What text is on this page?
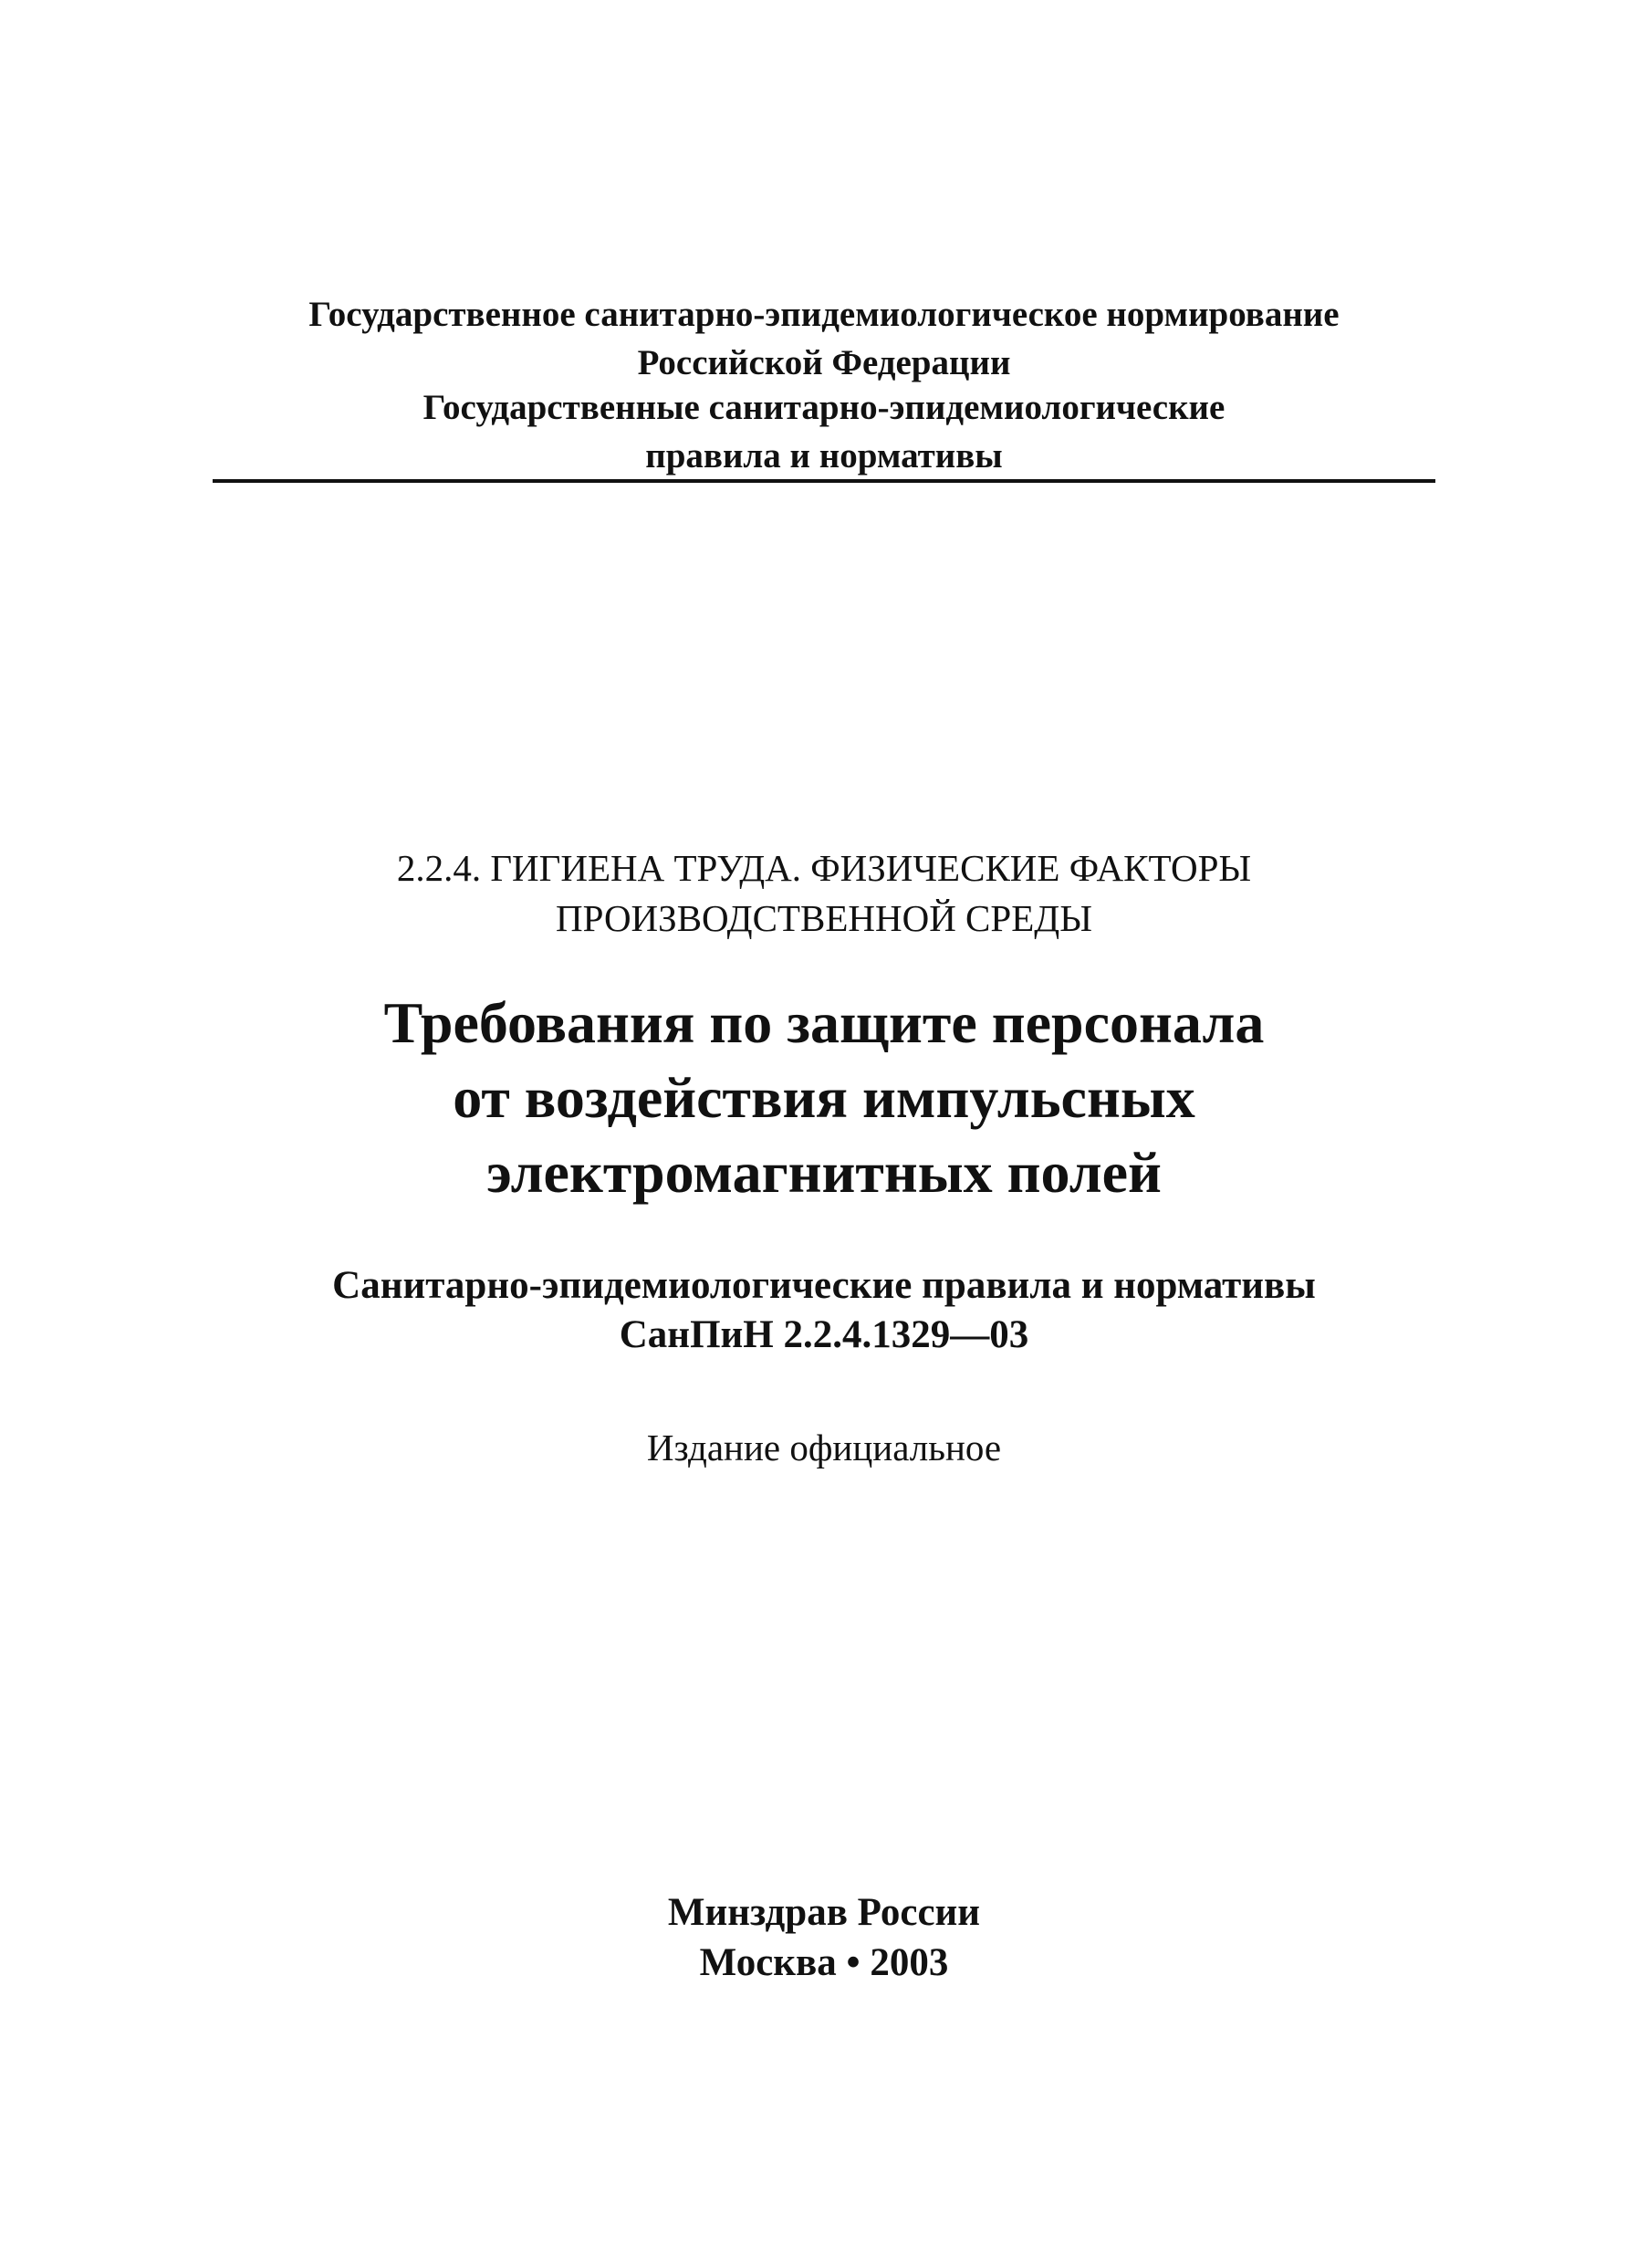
Государственное санитарно-эпидемиологическое нормирование
Российской Федерации
Государственные санитарно-эпидемиологические
правила и нормативы
2.2.4. ГИГИЕНА ТРУДА. ФИЗИЧЕСКИЕ ФАКТОРЫ
ПРОИЗВОДСТВЕННОЙ СРЕДЫ
Требования по защите персонала
от воздействия импульсных
электромагнитных полей
Санитарно-эпидемиологические правила и нормативы
СанПиН 2.2.4.1329—03
Издание официальное
Минздрав России
Москва • 2003
